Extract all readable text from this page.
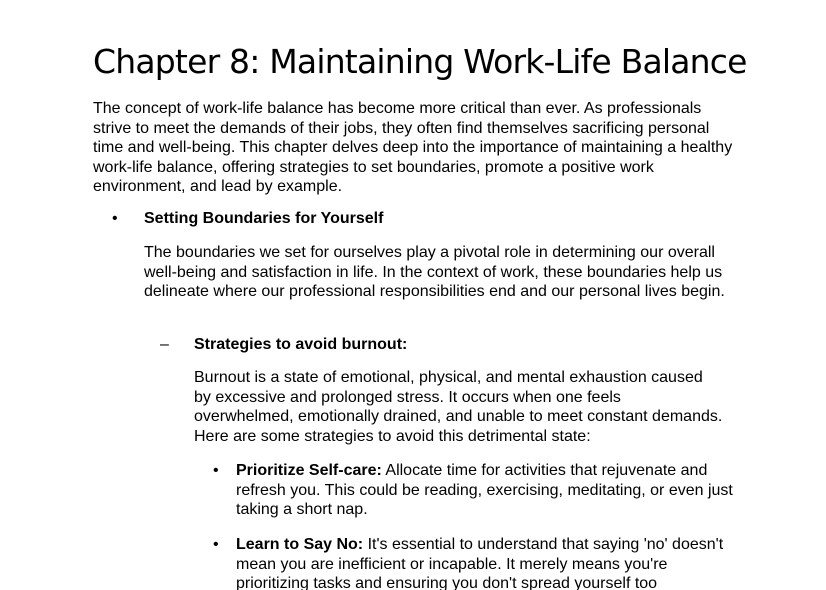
Chapter 8: Maintaining Work-Life Balance

The concept of work-life balance has become more critical than ever. As professionals strive to meet the demands of their jobs, they often find themselves sacrificing personal time and well-being. This chapter delves deep into the importance of maintaining a healthy work-life balance, offering strategies to set boundaries, promote a positive work environment, and lead by example.

• Setting Boundaries for Yourself

The boundaries we set for ourselves play a pivotal role in determining our overall well-being and satisfaction in life. In the context of work, these boundaries help us delineate where our professional responsibilities end and our personal lives begin.

– Strategies to avoid burnout:

Burnout is a state of emotional, physical, and mental exhaustion caused by excessive and prolonged stress. It occurs when one feels overwhelmed, emotionally drained, and unable to meet constant demands. Here are some strategies to avoid this detrimental state:

• Prioritize Self-care: Allocate time for activities that rejuvenate and refresh you. This could be reading, exercising, meditating, or even just taking a short nap.

• Learn to Say No: It's essential to understand that saying 'no' doesn't mean you are inefficient or incapable. It merely means you're prioritizing tasks and ensuring you don't spread yourself too
